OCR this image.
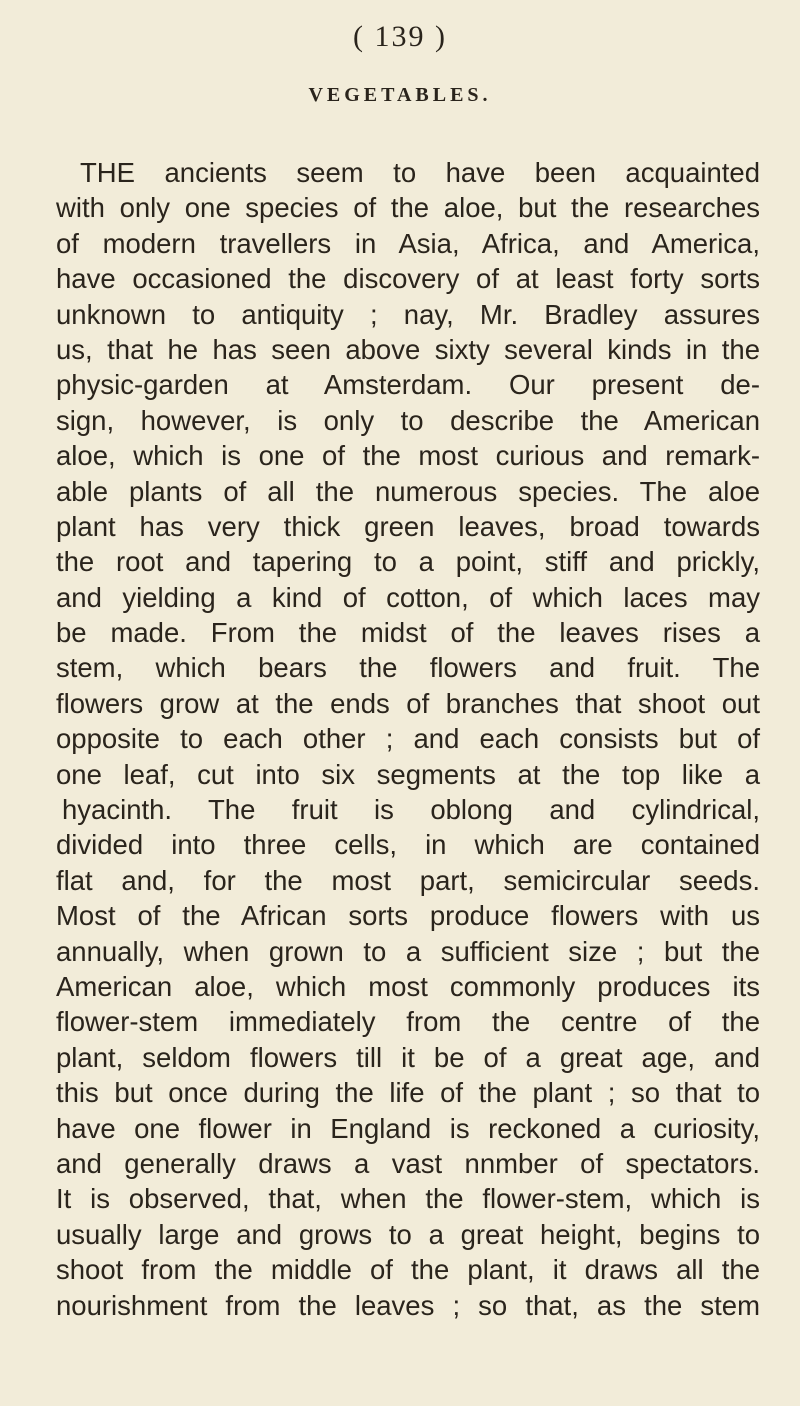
( 139 )
VEGETABLES.
THE ancients seem to have been acquainted
with only one species of the aloe, but the researches
of modern travellers in Asia, Africa, and America,
have occasioned the discovery of at least forty sorts
unknown to antiquity ; nay, Mr. Bradley assures
us, that he has seen above sixty several kinds in the
physic-garden at Amsterdam. Our present de-
sign, however, is only to describe the American
aloe, which is one of the most curious and remark-
able plants of all the numerous species. The aloe
plant has very thick green leaves, broad towards
the root and tapering to a point, stiff and prickly,
and yielding a kind of cotton, of which laces may
be made. From the midst of the leaves rises a
stem, which bears the flowers and fruit. The
flowers grow at the ends of branches that shoot out
opposite to each other ; and each consists but of
one leaf, cut into six segments at the top like a
hyacinth. The fruit is oblong and cylindrical,
divided into three cells, in which are contained
flat and, for the most part, semicircular seeds.
Most of the African sorts produce flowers with us
annually, when grown to a sufficient size ; but the
American aloe, which most commonly produces its
flower-stem immediately from the centre of the
plant, seldom flowers till it be of a great age, and
this but once during the life of the plant ; so that to
have one flower in England is reckoned a curiosity,
and generally draws a vast nnmber of spectators.
It is observed, that, when the flower-stem, which is
usually large and grows to a great height, begins to
shoot from the middle of the plant, it draws all the
nourishment from the leaves ; so that, as the stem
